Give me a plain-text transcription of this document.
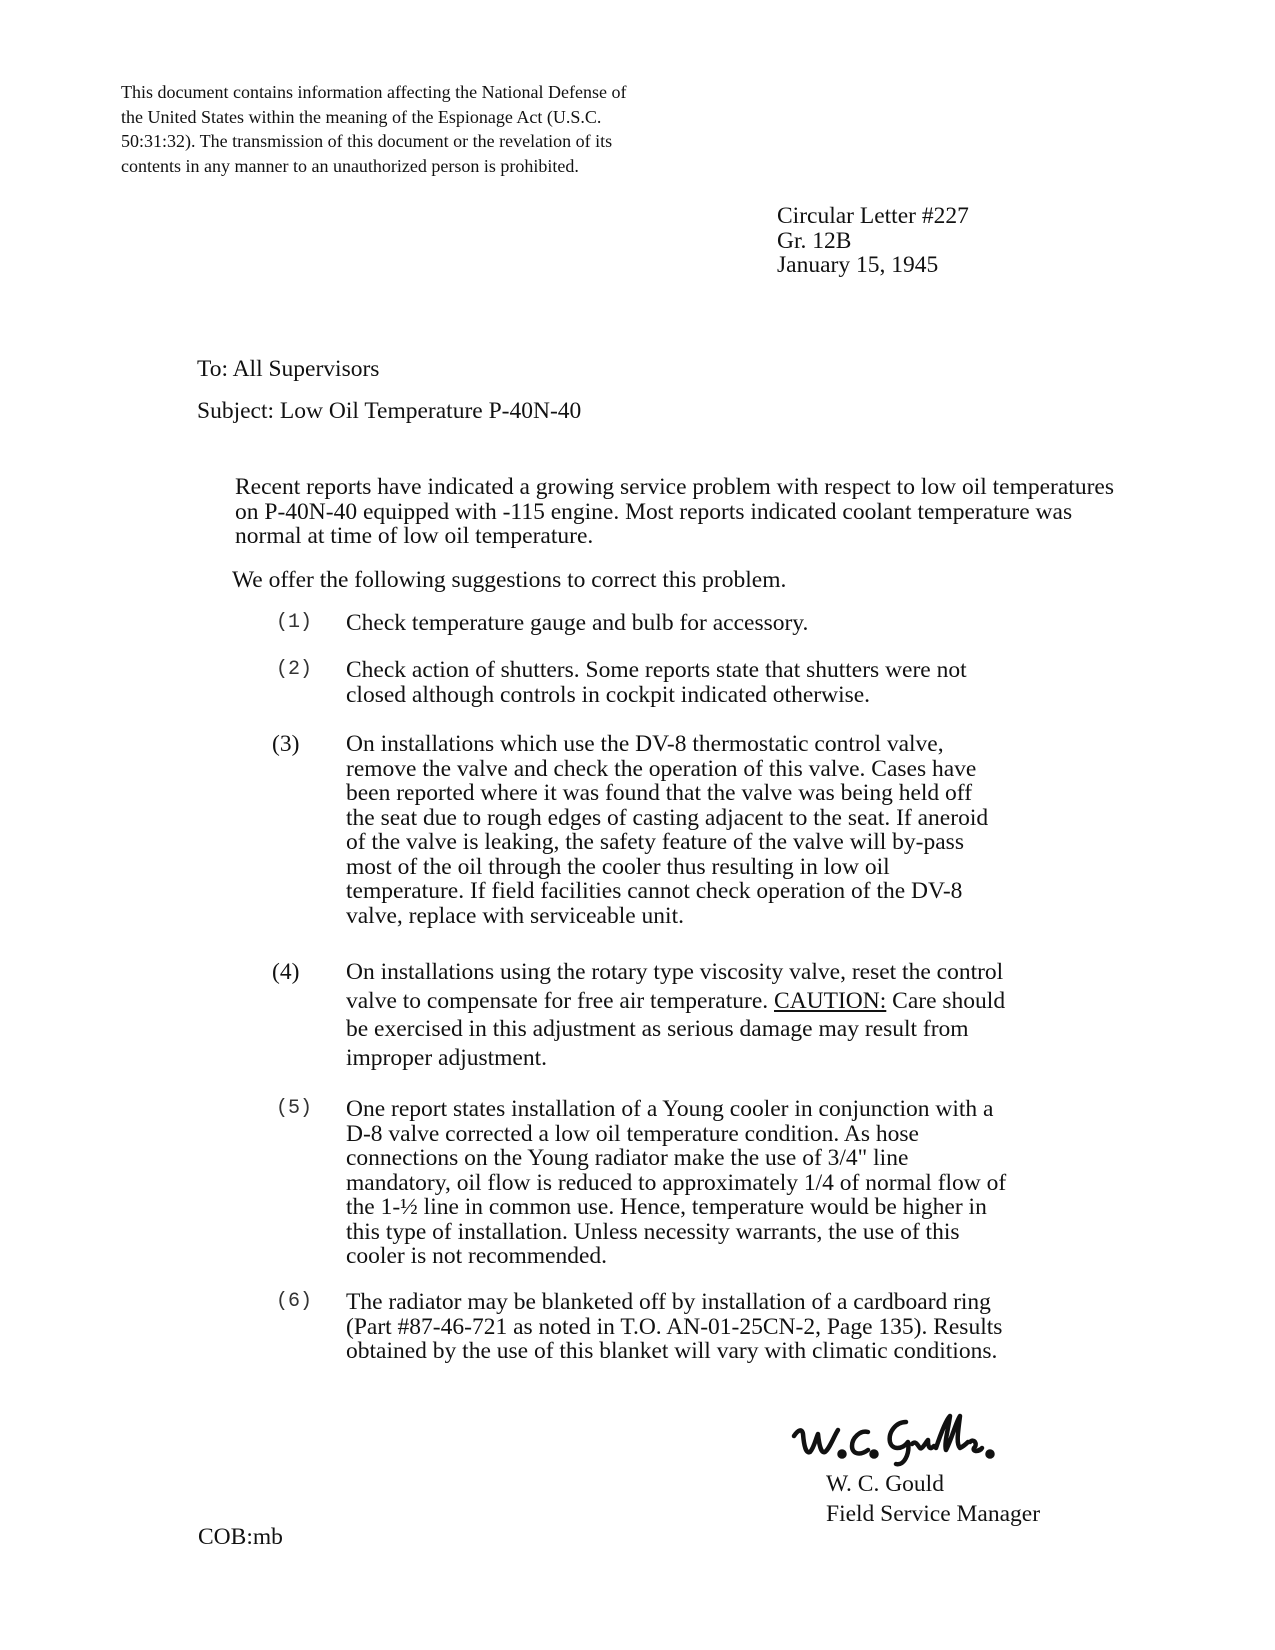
This document contains information affecting the National Defense of the United States within the meaning of the Espionage Act (U.S.C. 50:31:32). The transmission of this document or the revelation of its contents in any manner to an unauthorized person is prohibited.
Circular Letter #227
Gr. 12B
January 15, 1945
To: All Supervisors
Subject: Low Oil Temperature P-40N-40
Recent reports have indicated a growing service problem with respect to low oil temperatures on P-40N-40 equipped with -115 engine. Most reports indicated coolant temperature was normal at time of low oil temperature.
We offer the following suggestions to correct this problem.
(1) Check temperature gauge and bulb for accessory.
(2) Check action of shutters. Some reports state that shutters were not closed although controls in cockpit indicated otherwise.
(3) On installations which use the DV-8 thermostatic control valve, remove the valve and check the operation of this valve. Cases have been reported where it was found that the valve was being held off the seat due to rough edges of casting adjacent to the seat. If aneroid of the valve is leaking, the safety feature of the valve will by-pass most of the oil through the cooler thus resulting in low oil temperature. If field facilities cannot check operation of the DV-8 valve, replace with serviceable unit.
(4) On installations using the rotary type viscosity valve, reset the control valve to compensate for free air temperature. CAUTION: Care should be exercised in this adjustment as serious damage may result from improper adjustment.
(5) One report states installation of a Young cooler in conjunction with a D-8 valve corrected a low oil temperature condition. As hose connections on the Young radiator make the use of 3/4" line mandatory, oil flow is reduced to approximately 1/4 of normal flow of the 1-½ line in common use. Hence, temperature would be higher in this type of installation. Unless necessity warrants, the use of this cooler is not recommended.
(6) The radiator may be blanketed off by installation of a cardboard ring (Part #87-46-721 as noted in T.O. AN-01-25CN-2, Page 135). Results obtained by the use of this blanket will vary with climatic conditions.
W. C. Gould
Field Service Manager
COB:mb
